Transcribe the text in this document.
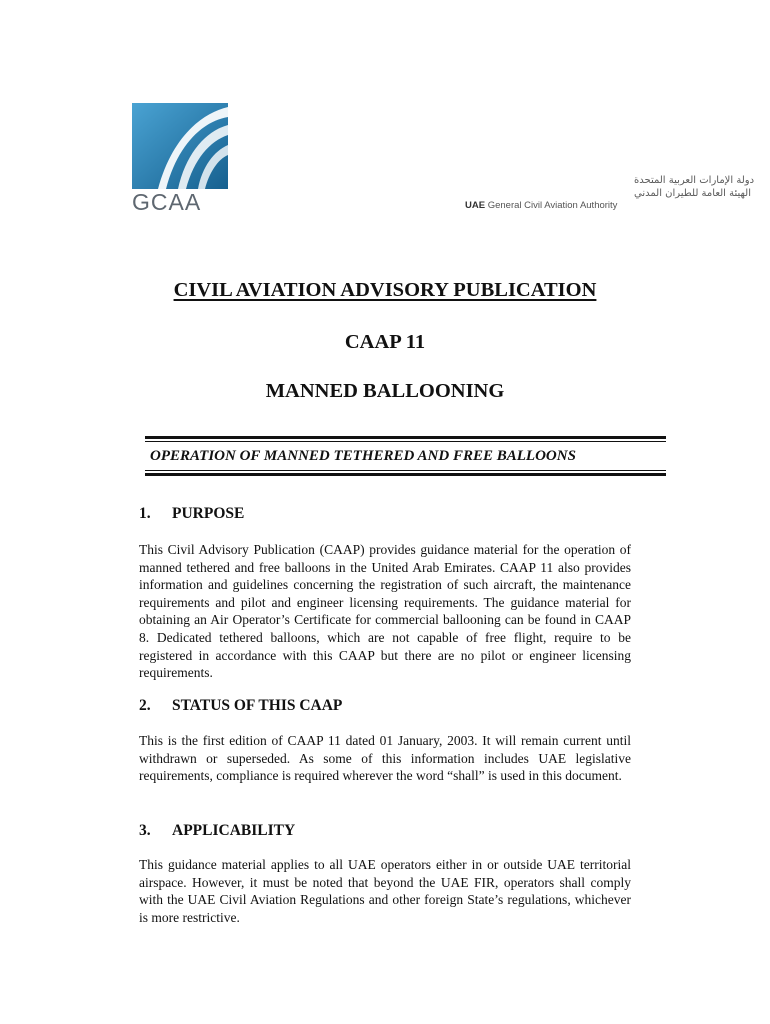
GCAA
دولة الإمارات العربية المتحدة
الهيئة العامة للطيران المدني
UAE General Civil Aviation Authority
CIVIL AVIATION ADVISORY PUBLICATION
CAAP 11
MANNED BALLOONING
OPERATION OF MANNED TETHERED AND FREE BALLOONS
1. PURPOSE
This Civil Advisory Publication (CAAP) provides guidance material for the operation of manned tethered and free balloons in the United Arab Emirates. CAAP 11 also provides information and guidelines concerning the registration of such aircraft, the maintenance requirements and pilot and engineer licensing requirements. The guidance material for obtaining an Air Operator’s Certificate for commercial ballooning can be found in CAAP 8. Dedicated tethered balloons, which are not capable of free flight, require to be registered in accordance with this CAAP but there are no pilot or engineer licensing requirements.
2. STATUS OF THIS CAAP
This is the first edition of CAAP 11 dated 01 January, 2003. It will remain current until withdrawn or superseded. As some of this information includes UAE legislative requirements, compliance is required wherever the word “shall” is used in this document.
3. APPLICABILITY
This guidance material applies to all UAE operators either in or outside UAE territorial airspace. However, it must be noted that beyond the UAE FIR, operators shall comply with the UAE Civil Aviation Regulations and other foreign State’s regulations, whichever is more restrictive.
